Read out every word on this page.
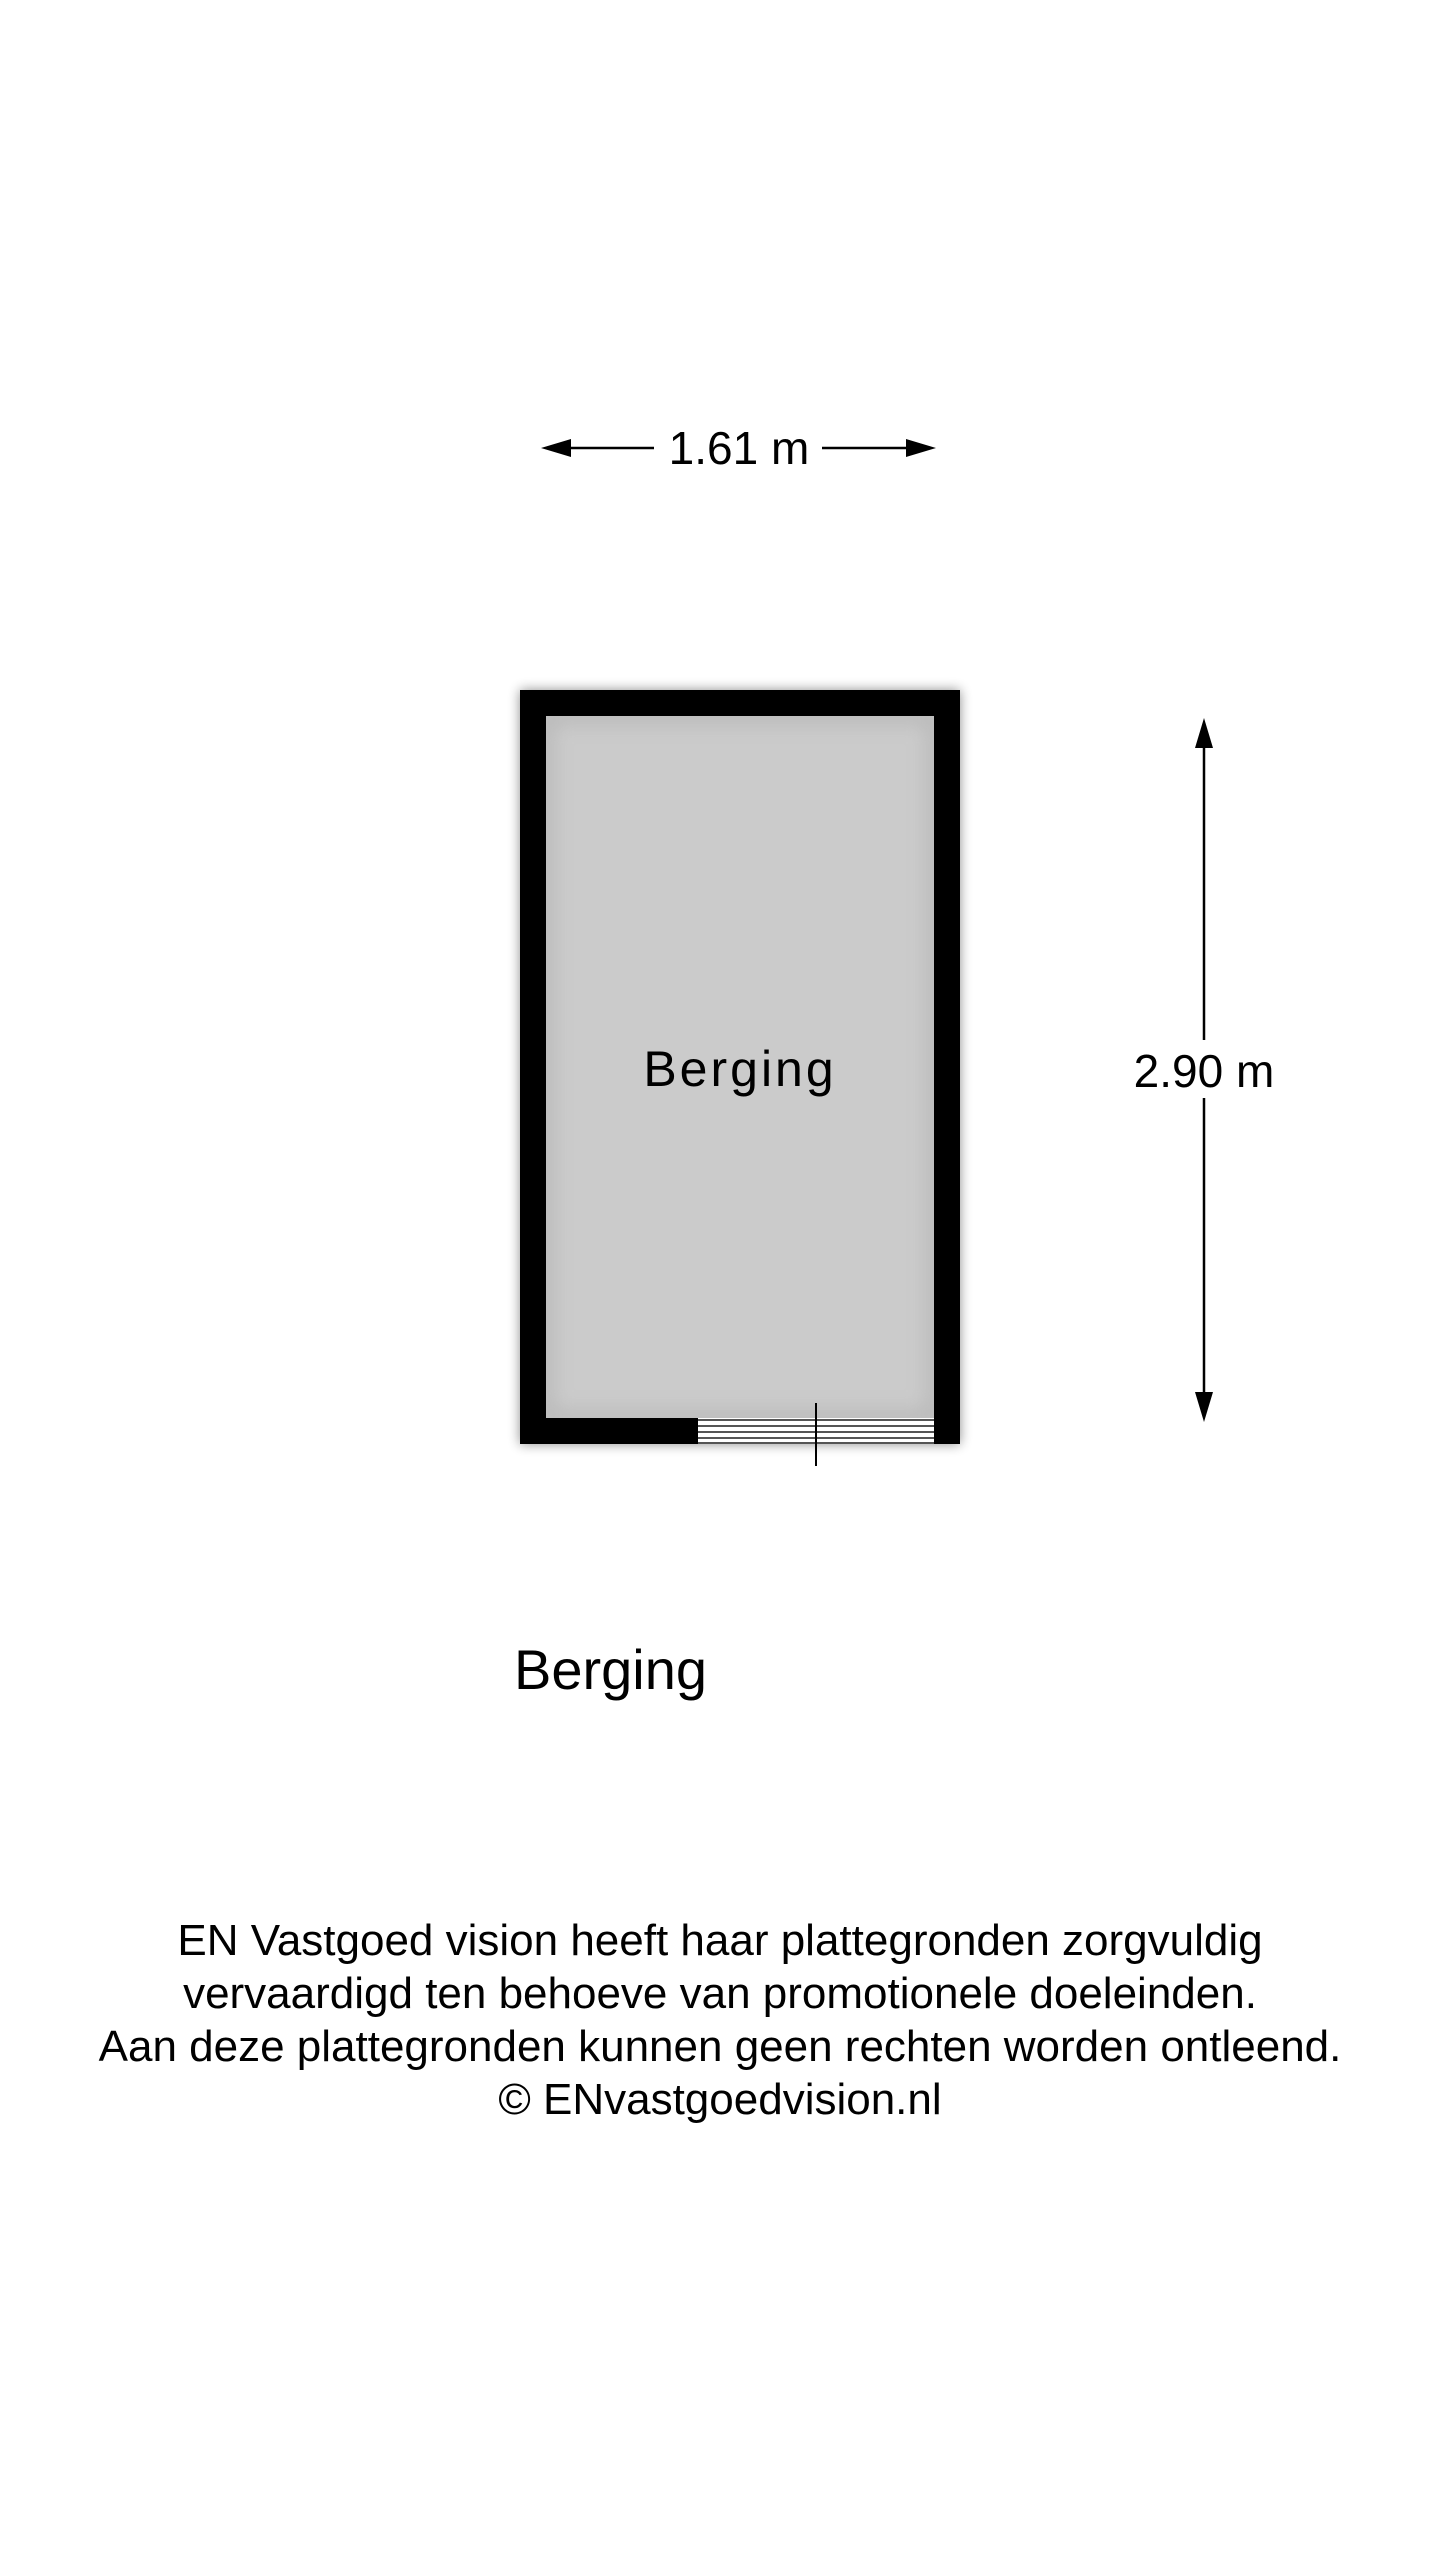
1.61 m
Berging	2.90 m
Berging
EN Vastgoed vision heeft haar plattegronden zorgvuldig
vervaardigd ten behoeve van promotionele doeleinden.
Aan deze plattegronden kunnen geen rechten worden ontleend.
© ENvastgoedvision.nl
